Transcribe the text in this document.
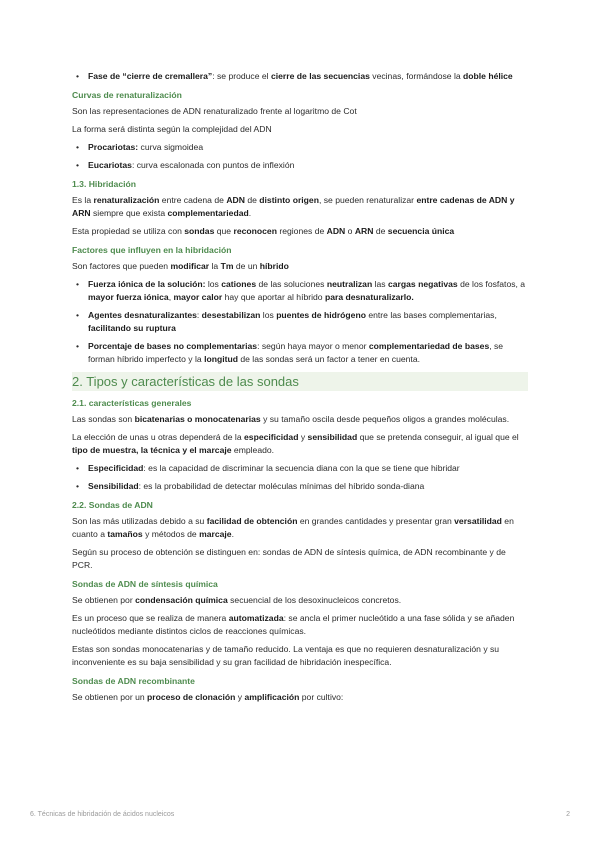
• Fase de “cierre de cremallera”: se produce el cierre de las secuencias vecinas, formándose la doble hélice
Curvas de renaturalización

Son las representaciones de ADN renaturalizado frente al logaritmo de Cot

La forma será distinta según la complejidad del ADN

• Procariotas: curva sigmoidea
• Eucariotas: curva escalonada con puntos de inflexión
1.3. Hibridación

Es la renaturalización entre cadena de ADN de distinto origen, se pueden renaturalizar entre cadenas de ADN y ARN siempre que exista complementariedad.

Esta propiedad se utiliza con sondas que reconocen regiones de ADN o ARN de secuencia única

Factores que influyen en la hibridación

Son factores que pueden modificar la Tm de un híbrido

• Fuerza iónica de la solución: los cationes de las soluciones neutralizan las cargas negativas de los fosfatos, a mayor fuerza iónica, mayor calor hay que aportar al híbrido para desnaturalizarlo.
• Agentes desnaturalizantes: desestabilizan los puentes de hidrógeno entre las bases complementarias, facilitando su ruptura
• Porcentaje de bases no complementarias: según haya mayor o menor complementariedad de bases, se forman híbrido imperfecto y la longitud de las sondas será un factor a tener en cuenta.
2. Tipos y características de las sondas
2.1. características generales

Las sondas son bicatenarias o monocatenarias y su tamaño oscila desde pequeños oligos a grandes moléculas.

La elección de unas u otras dependerá de la especificidad y sensibilidad que se pretenda conseguir, al igual que el tipo de muestra, la técnica y el marcaje empleado.

• Especificidad: es la capacidad de discriminar la secuencia diana con la que se tiene que hibridar
• Sensibilidad: es la probabilidad de detectar moléculas mínimas del híbrido sonda-diana
2.2. Sondas de ADN

Son las más utilizadas debido a su facilidad de obtención en grandes cantidades y presentar gran versatilidad en cuanto a tamaños y métodos de marcaje.

Según su proceso de obtención se distinguen en: sondas de ADN de síntesis química, de ADN recombinante y de PCR.

Sondas de ADN de síntesis química

Se obtienen por condensación química secuencial de los desoxinucleicos concretos.

Es un proceso que se realiza de manera automatizada: se ancla el primer nucleótido a una fase sólida y se añaden nucleótidos mediante distintos ciclos de reacciones químicas.

Estas son sondas monocatenarias y de tamaño reducido. La ventaja es que no requieren desnaturalización y su inconveniente es su baja sensibilidad y su gran facilidad de hibridación inespecífica.

Sondas de ADN recombinante

Se obtienen por un proceso de clonación y amplificación por cultivo:

6. Técnicas de hibridación de ácidos nucleicos	2
